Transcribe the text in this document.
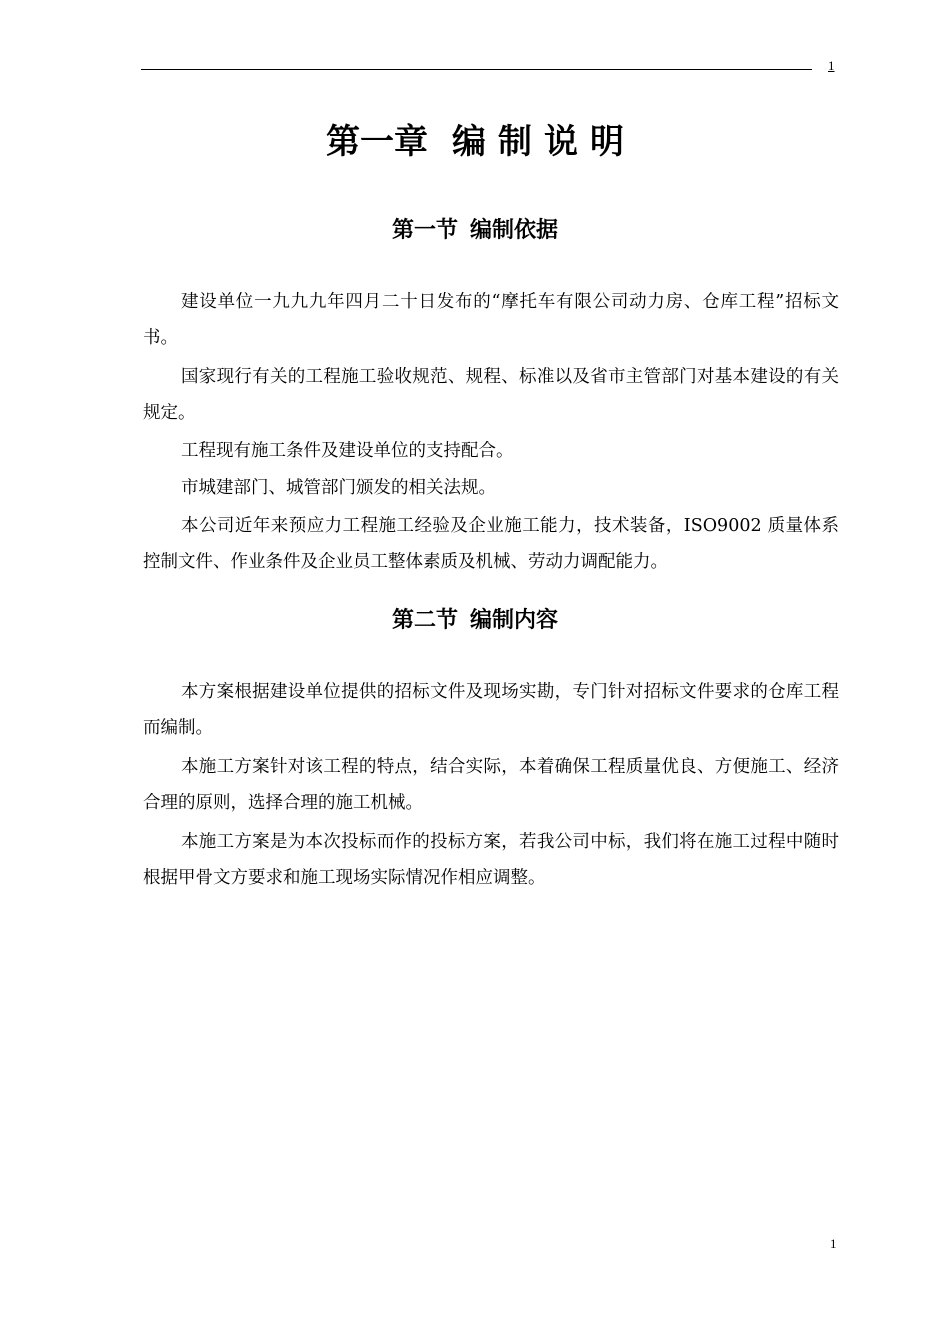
1
第一章 编 制 说 明
第一节 编制依据

建设单位一九九九年四月二十日发布的“摩托车有限公司动力房、仓库工程”招标文书。

国家现行有关的工程施工验收规范、规程、标准以及省市主管部门对基本建设的有关规定。

工程现有施工条件及建设单位的支持配合。

市城建部门、城管部门颁发的相关法规。

本公司近年来预应力工程施工经验及企业施工能力，技术装备，ISO9002 质量体系控制文件、作业条件及企业员工整体素质及机械、劳动力调配能力。

第二节 编制内容

本方案根据建设单位提供的招标文件及现场实勘，专门针对招标文件要求的仓库工程而编制。

本施工方案针对该工程的特点，结合实际，本着确保工程质量优良、方便施工、经济合理的原则，选择合理的施工机械。

本施工方案是为本次投标而作的投标方案，若我公司中标，我们将在施工过程中随时根据甲骨文方要求和施工现场实际情况作相应调整。

1
